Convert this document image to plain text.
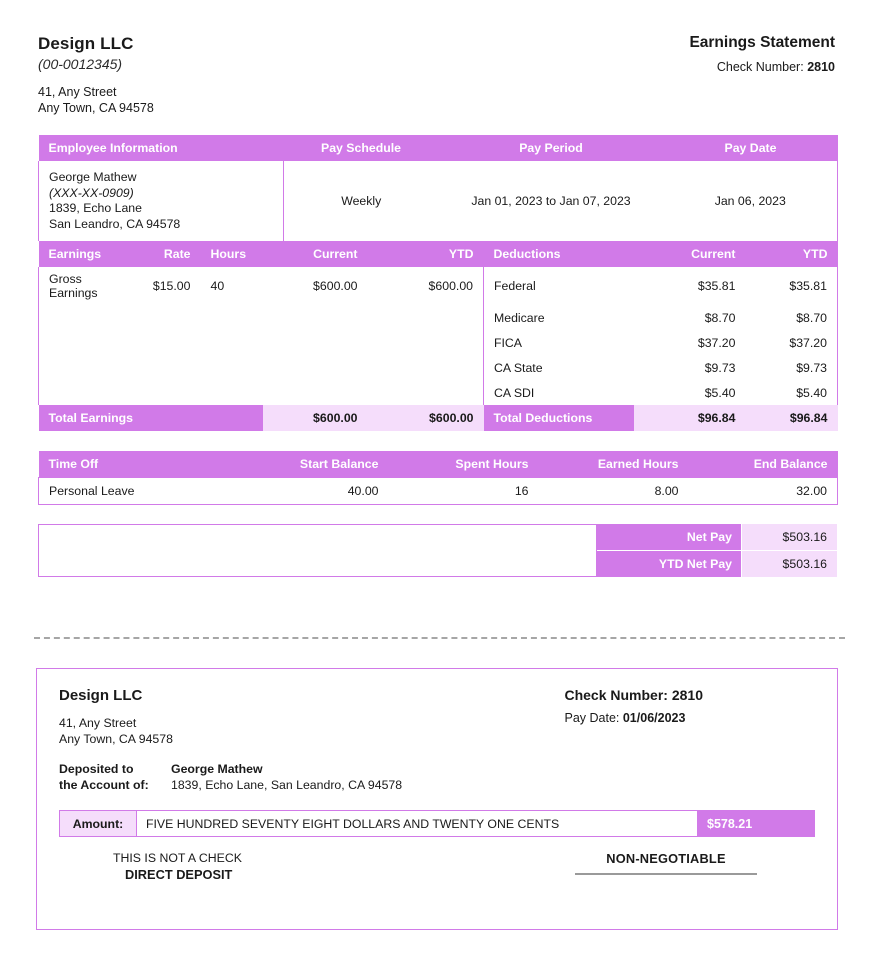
Design LLC
(00-0012345)
41, Any Street
Any Town, CA 94578
Earnings Statement
Check Number: 2810
Employee Information	Pay Schedule	Pay Period	Pay Date

George Mathew
(XXX-XX-0909)
1839, Echo Lane
San Leandro, CA 94578	Weekly	Jan 01, 2023 to Jan 07, 2023	Jan 06, 2023
Earnings	Rate	Hours	Current	YTD	Deductions	Current	YTD
Gross Earnings	$15.00	40	$600.00	$600.00	Federal	$35.81	$35.81
					Medicare	$8.70	$8.70
					FICA	$37.20	$37.20
					CA State	$9.73	$9.73
					CA SDI	$5.40	$5.40
Total Earnings			$600.00	$600.00	Total Deductions	$96.84	$96.84
Time Off	Start Balance	Spent Hours	Earned Hours	End Balance
Personal Leave	40.00	16	8.00	32.00
Net Pay	$503.16
YTD Net Pay	$503.16
Design LLC
41, Any Street
Any Town, CA 94578
Check Number: 2810
Pay Date: 01/06/2023
Deposited to
the Account of:
George Mathew
1839, Echo Lane, San Leandro, CA 94578
Amount:	FIVE HUNDRED SEVENTY EIGHT DOLLARS AND TWENTY ONE CENTS	$578.21
THIS IS NOT A CHECK
DIRECT DEPOSIT
NON-NEGOTIABLE
